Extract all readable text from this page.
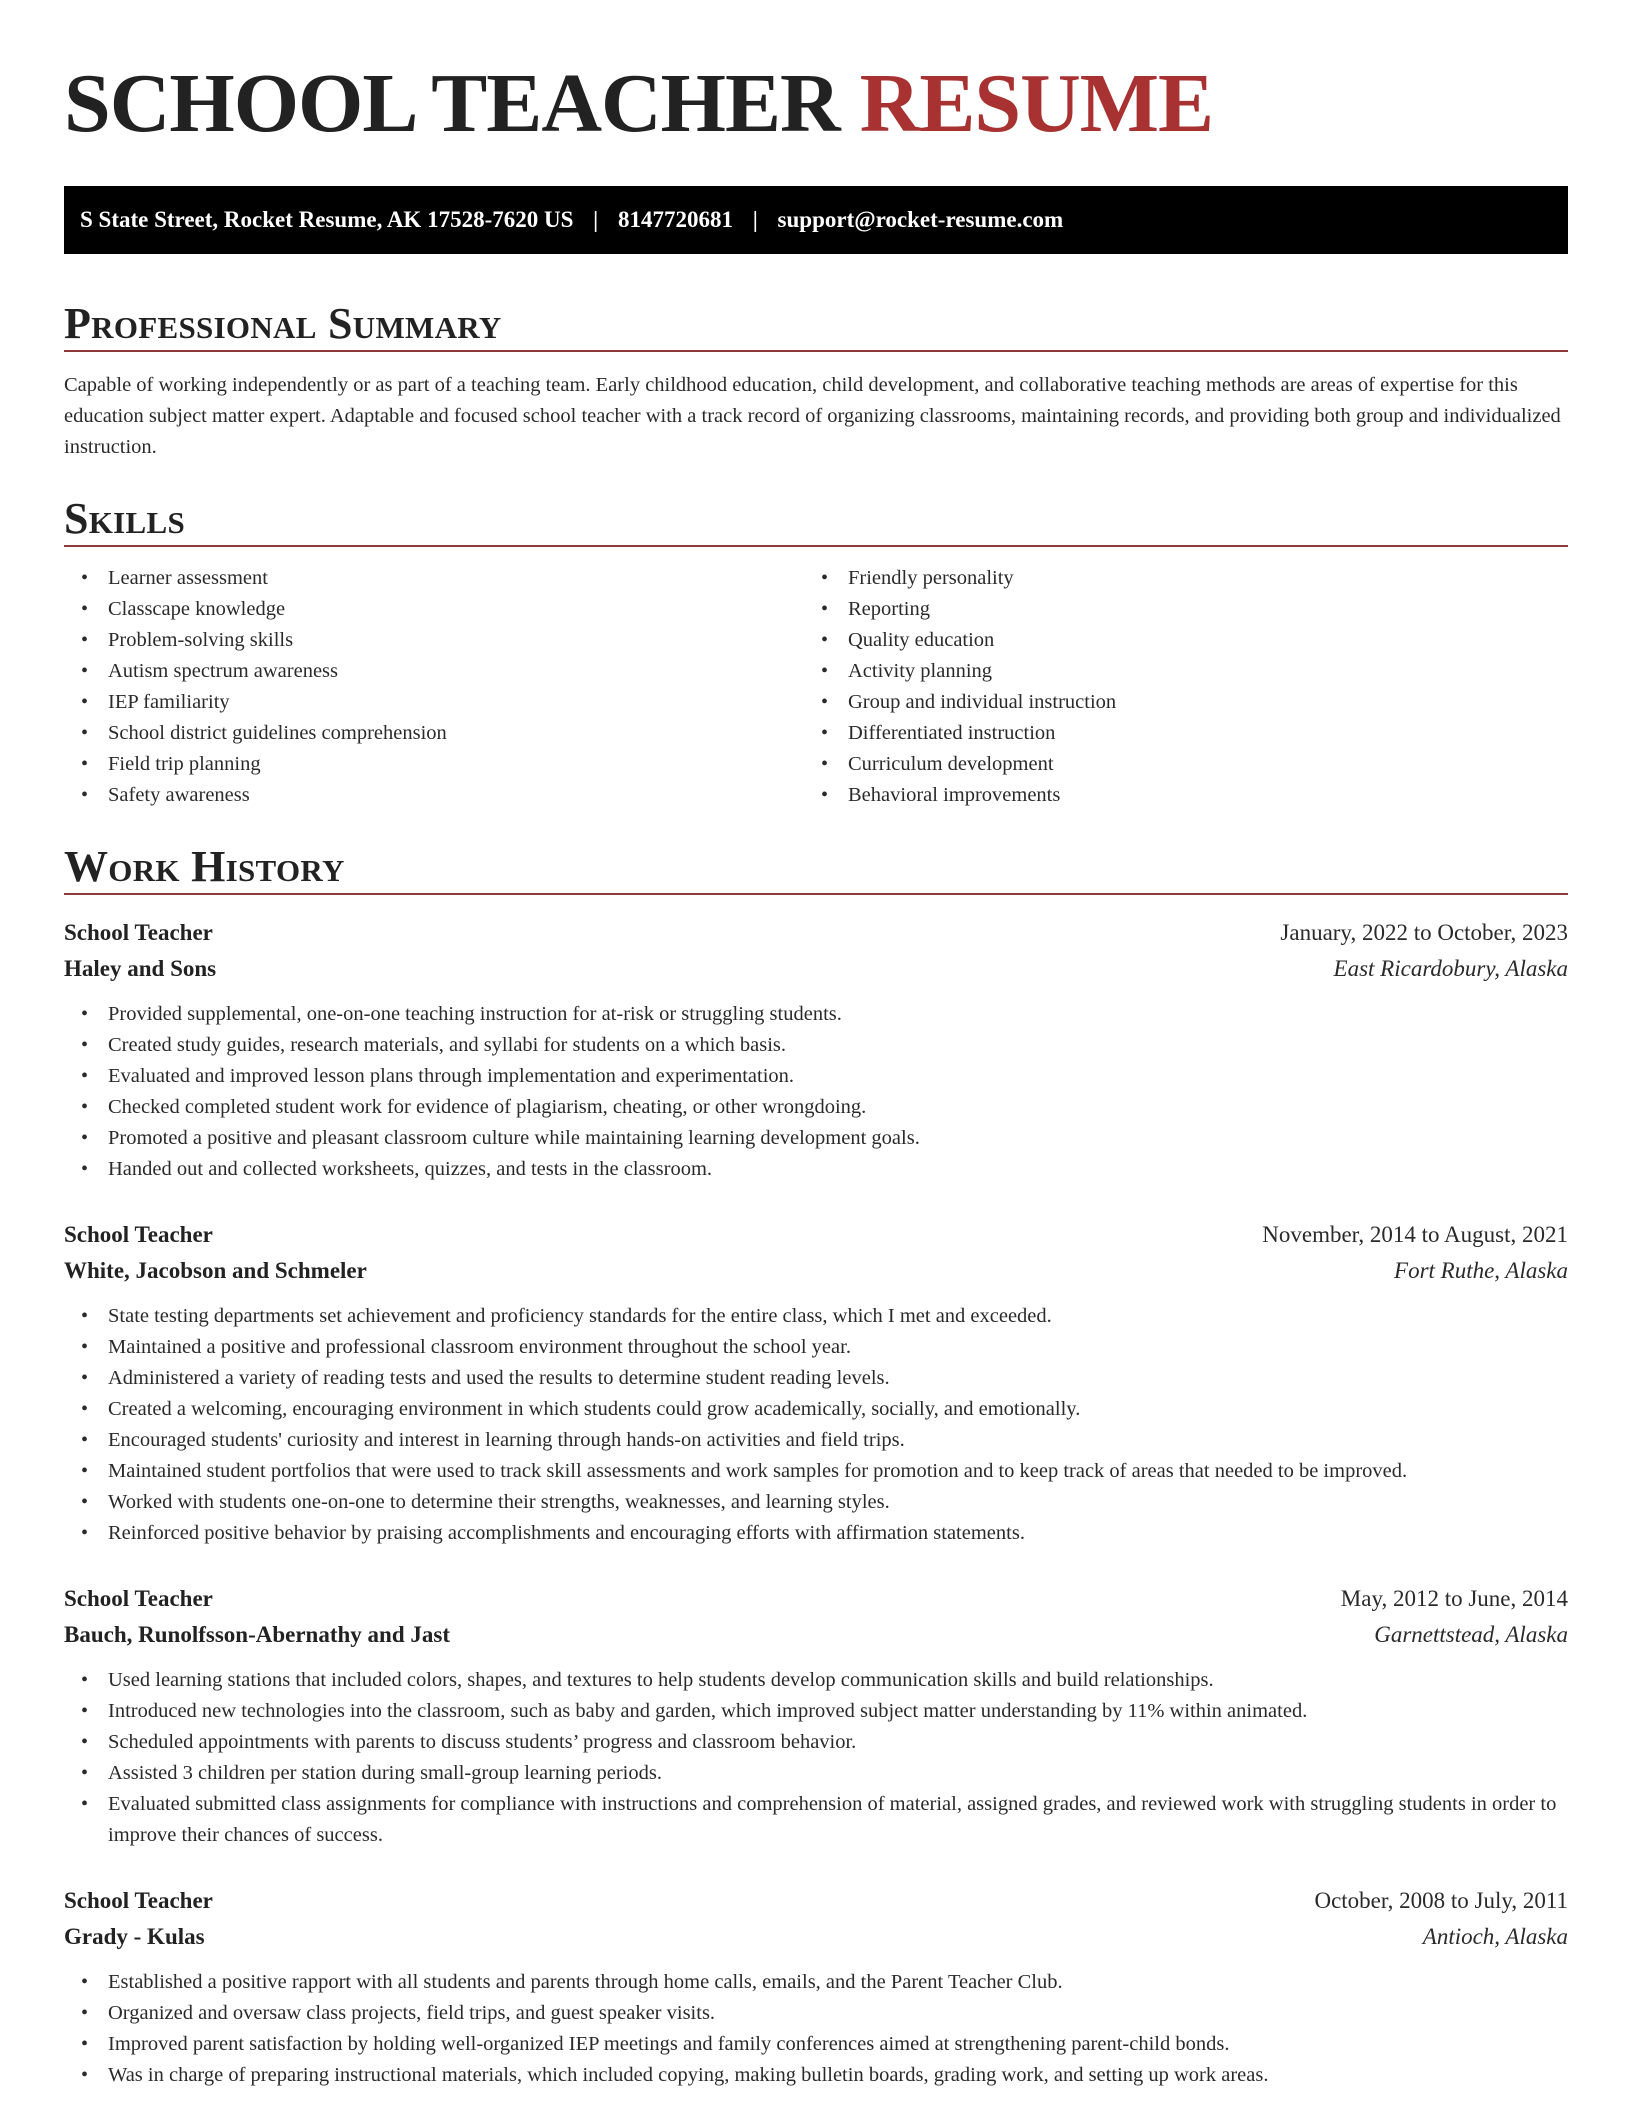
SCHOOL TEACHER RESUME
S State Street, Rocket Resume, AK 17528-7620 US | 8147720681 | support@rocket-resume.com
Professional Summary

Capable of working independently or as part of a teaching team. Early childhood education, child development, and collaborative teaching methods are areas of expertise for this education subject matter expert. Adaptable and focused school teacher with a track record of organizing classrooms, maintaining records, and providing both group and individualized instruction.

Skills
• Learner assessment
• Classcape knowledge
• Problem-solving skills
• Autism spectrum awareness
• IEP familiarity
• School district guidelines comprehension
• Field trip planning
• Safety awareness
• Friendly personality
• Reporting
• Quality education
• Activity planning
• Group and individual instruction
• Differentiated instruction
• Curriculum development
• Behavioral improvements
Work History
School Teacher	January, 2022 to October, 2023
Haley and Sons	East Ricardobury, Alaska
• Provided supplemental, one-on-one teaching instruction for at-risk or struggling students.
• Created study guides, research materials, and syllabi for students on a which basis.
• Evaluated and improved lesson plans through implementation and experimentation.
• Checked completed student work for evidence of plagiarism, cheating, or other wrongdoing.
• Promoted a positive and pleasant classroom culture while maintaining learning development goals.
• Handed out and collected worksheets, quizzes, and tests in the classroom.
School Teacher	November, 2014 to August, 2021
White, Jacobson and Schmeler	Fort Ruthe, Alaska
• State testing departments set achievement and proficiency standards for the entire class, which I met and exceeded.
• Maintained a positive and professional classroom environment throughout the school year.
• Administered a variety of reading tests and used the results to determine student reading levels.
• Created a welcoming, encouraging environment in which students could grow academically, socially, and emotionally.
• Encouraged students' curiosity and interest in learning through hands-on activities and field trips.
• Maintained student portfolios that were used to track skill assessments and work samples for promotion and to keep track of areas that needed to be improved.
• Worked with students one-on-one to determine their strengths, weaknesses, and learning styles.
• Reinforced positive behavior by praising accomplishments and encouraging efforts with affirmation statements.
School Teacher	May, 2012 to June, 2014
Bauch, Runolfsson-Abernathy and Jast	Garnettstead, Alaska
• Used learning stations that included colors, shapes, and textures to help students develop communication skills and build relationships.
• Introduced new technologies into the classroom, such as baby and garden, which improved subject matter understanding by 11% within animated.
• Scheduled appointments with parents to discuss students’ progress and classroom behavior.
• Assisted 3 children per station during small-group learning periods.
• Evaluated submitted class assignments for compliance with instructions and comprehension of material, assigned grades, and reviewed work with struggling students in order to improve their chances of success.
School Teacher	October, 2008 to July, 2011
Grady - Kulas	Antioch, Alaska
• Established a positive rapport with all students and parents through home calls, emails, and the Parent Teacher Club.
• Organized and oversaw class projects, field trips, and guest speaker visits.
• Improved parent satisfaction by holding well-organized IEP meetings and family conferences aimed at strengthening parent-child bonds.
• Was in charge of preparing instructional materials, which included copying, making bulletin boards, grading work, and setting up work areas.
